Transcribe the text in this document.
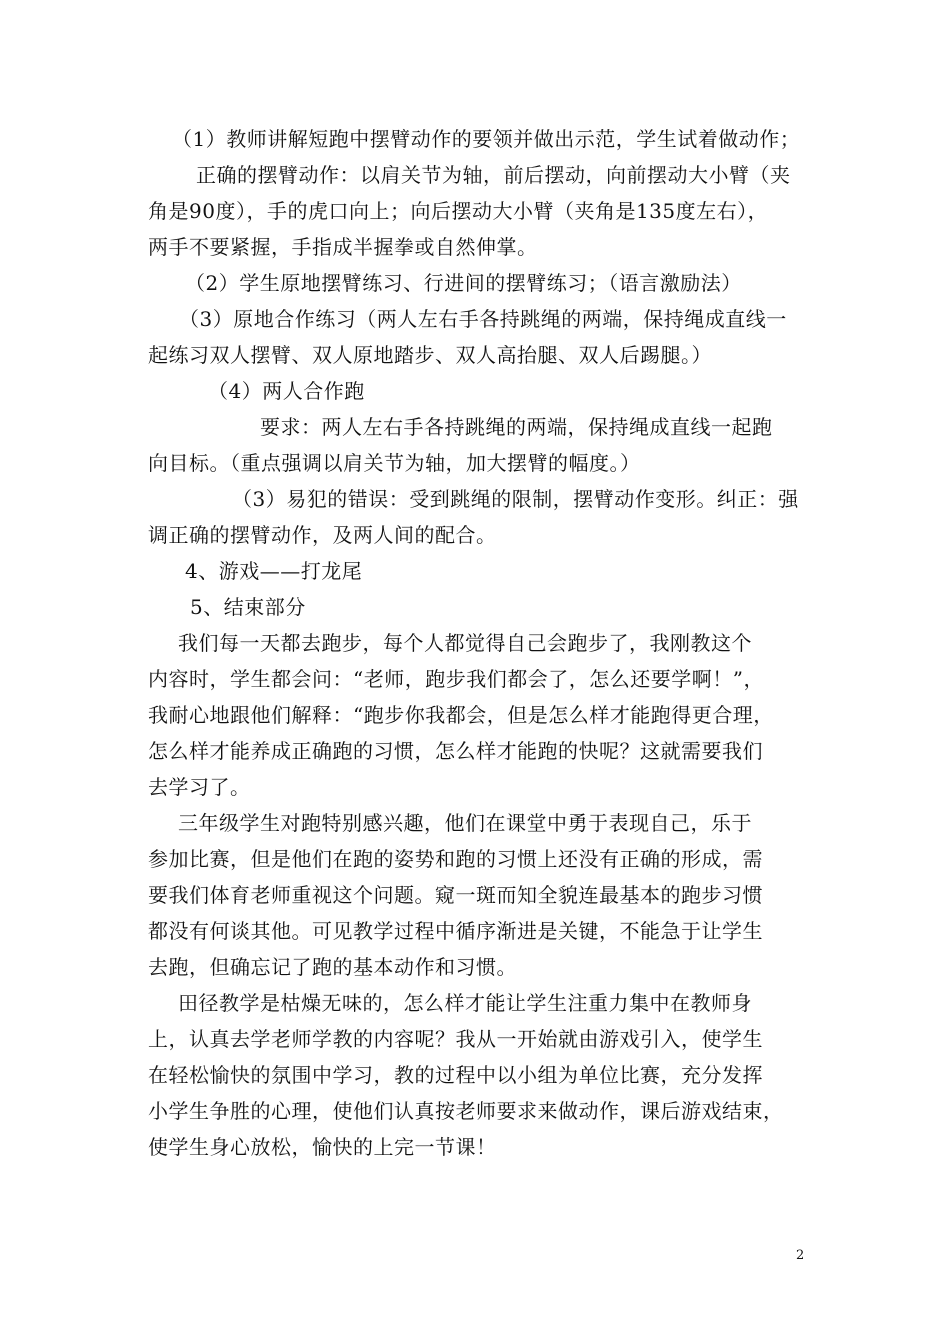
（1）教师讲解短跑中摆臂动作的要领并做出示范，学生试着做动作；
正确的摆臂动作：以肩关节为轴，前后摆动，向前摆动大小臂（夹
角是90度），手的虎口向上；向后摆动大小臂（夹角是135度左右），
两手不要紧握，手指成半握拳或自然伸掌。
（2）学生原地摆臂练习、行进间的摆臂练习；（语言激励法）
（3）原地合作练习（两人左右手各持跳绳的两端，保持绳成直线一
起练习双人摆臂、双人原地踏步、双人高抬腿、双人后踢腿。）
（4）两人合作跑
要求：两人左右手各持跳绳的两端，保持绳成直线一起跑
向目标。（重点强调以肩关节为轴，加大摆臂的幅度。）
（3）易犯的错误：受到跳绳的限制，摆臂动作变形。纠正：强
调正确的摆臂动作，及两人间的配合。
4、游戏——打龙尾
5、结束部分
我们每一天都去跑步，每个人都觉得自己会跑步了，我刚教这个
内容时，学生都会问：“老师，跑步我们都会了，怎么还要学啊！”，
我耐心地跟他们解释：“跑步你我都会，但是怎么样才能跑得更合理，
怎么样才能养成正确跑的习惯，怎么样才能跑的快呢？这就需要我们
去学习了。
三年级学生对跑特别感兴趣，他们在课堂中勇于表现自己，乐于
参加比赛，但是他们在跑的姿势和跑的习惯上还没有正确的形成，需
要我们体育老师重视这个问题。窥一斑而知全貌连最基本的跑步习惯
都没有何谈其他。可见教学过程中循序渐进是关键，不能急于让学生
去跑，但确忘记了跑的基本动作和习惯。
田径教学是枯燥无味的，怎么样才能让学生注重力集中在教师身
上，认真去学老师学教的内容呢？我从一开始就由游戏引入，使学生
在轻松愉快的氛围中学习，教的过程中以小组为单位比赛，充分发挥
小学生争胜的心理，使他们认真按老师要求来做动作，课后游戏结束，
使学生身心放松，愉快的上完一节课！
2
